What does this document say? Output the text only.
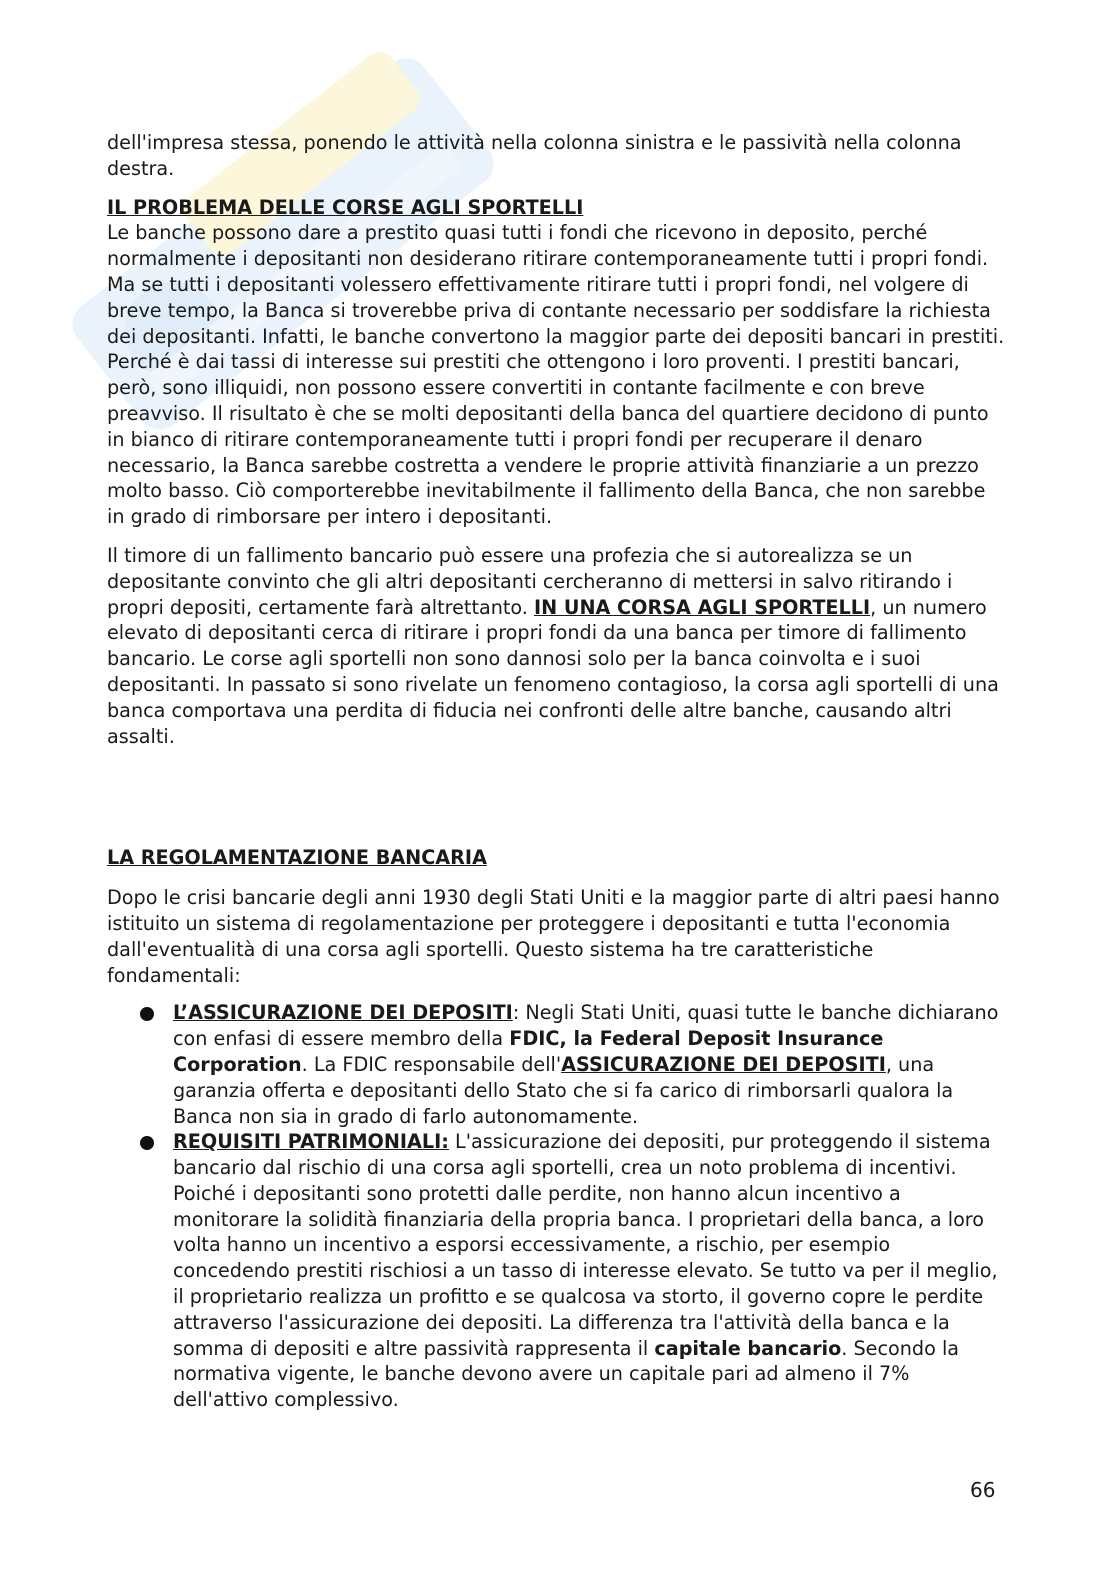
dell'impresa stessa, ponendo le attività nella colonna sinistra e le passività nella colonna destra.

IL PROBLEMA DELLE CORSE AGLI SPORTELLI

Le banche possono dare a prestito quasi tutti i fondi che ricevono in deposito, perché normalmente i depositanti non desiderano ritirare contemporaneamente tutti i propri fondi. Ma se tutti i depositanti volessero effettivamente ritirare tutti i propri fondi, nel volgere di breve tempo, la Banca si troverebbe priva di contante necessario per soddisfare la richiesta dei depositanti. Infatti, le banche convertono la maggior parte dei depositi bancari in prestiti. Perché è dai tassi di interesse sui prestiti che ottengono i loro proventi. I prestiti bancari, però, sono illiquidi, non possono essere convertiti in contante facilmente e con breve preavviso. Il risultato è che se molti depositanti della banca del quartiere decidono di punto in bianco di ritirare contemporaneamente tutti i propri fondi per recuperare il denaro necessario, la Banca sarebbe costretta a vendere le proprie attività finanziarie a un prezzo molto basso. Ciò comporterebbe inevitabilmente il fallimento della Banca, che non sarebbe in grado di rimborsare per intero i depositanti.

Il timore di un fallimento bancario può essere una profezia che si autorealizza se un depositante convinto che gli altri depositanti cercheranno di mettersi in salvo ritirando i propri depositi, certamente farà altrettanto. IN UNA CORSA AGLI SPORTELLI, un numero elevato di depositanti cerca di ritirare i propri fondi da una banca per timore di fallimento bancario. Le corse agli sportelli non sono dannosi solo per la banca coinvolta e i suoi depositanti. In passato si sono rivelate un fenomeno contagioso, la corsa agli sportelli di una banca comportava una perdita di fiducia nei confronti delle altre banche, causando altri assalti.

LA REGOLAMENTAZIONE BANCARIA

Dopo le crisi bancarie degli anni 1930 degli Stati Uniti e la maggior parte di altri paesi hanno istituito un sistema di regolamentazione per proteggere i depositanti e tutta l'economia dall'eventualità di una corsa agli sportelli. Questo sistema ha tre caratteristiche fondamentali:

L’ASSICURAZIONE DEI DEPOSITI: Negli Stati Uniti, quasi tutte le banche dichiarano con enfasi di essere membro della FDIC, la Federal Deposit Insurance Corporation. La FDIC responsabile dell'ASSICURAZIONE DEI DEPOSITI, una garanzia offerta e depositanti dello Stato che si fa carico di rimborsarli qualora la Banca non sia in grado di farlo autonomamente.
REQUISITI PATRIMONIALI: L'assicurazione dei depositi, pur proteggendo il sistema bancario dal rischio di una corsa agli sportelli, crea un noto problema di incentivi. Poiché i depositanti sono protetti dalle perdite, non hanno alcun incentivo a monitorare la solidità finanziaria della propria banca. I proprietari della banca, a loro volta hanno un incentivo a esporsi eccessivamente, a rischio, per esempio concedendo prestiti rischiosi a un tasso di interesse elevato. Se tutto va per il meglio, il proprietario realizza un profitto e se qualcosa va storto, il governo copre le perdite attraverso l'assicurazione dei depositi. La differenza tra l'attività della banca e la somma di depositi e altre passività rappresenta il capitale bancario. Secondo la normativa vigente, le banche devono avere un capitale pari ad almeno il 7% dell'attivo complessivo.
66
